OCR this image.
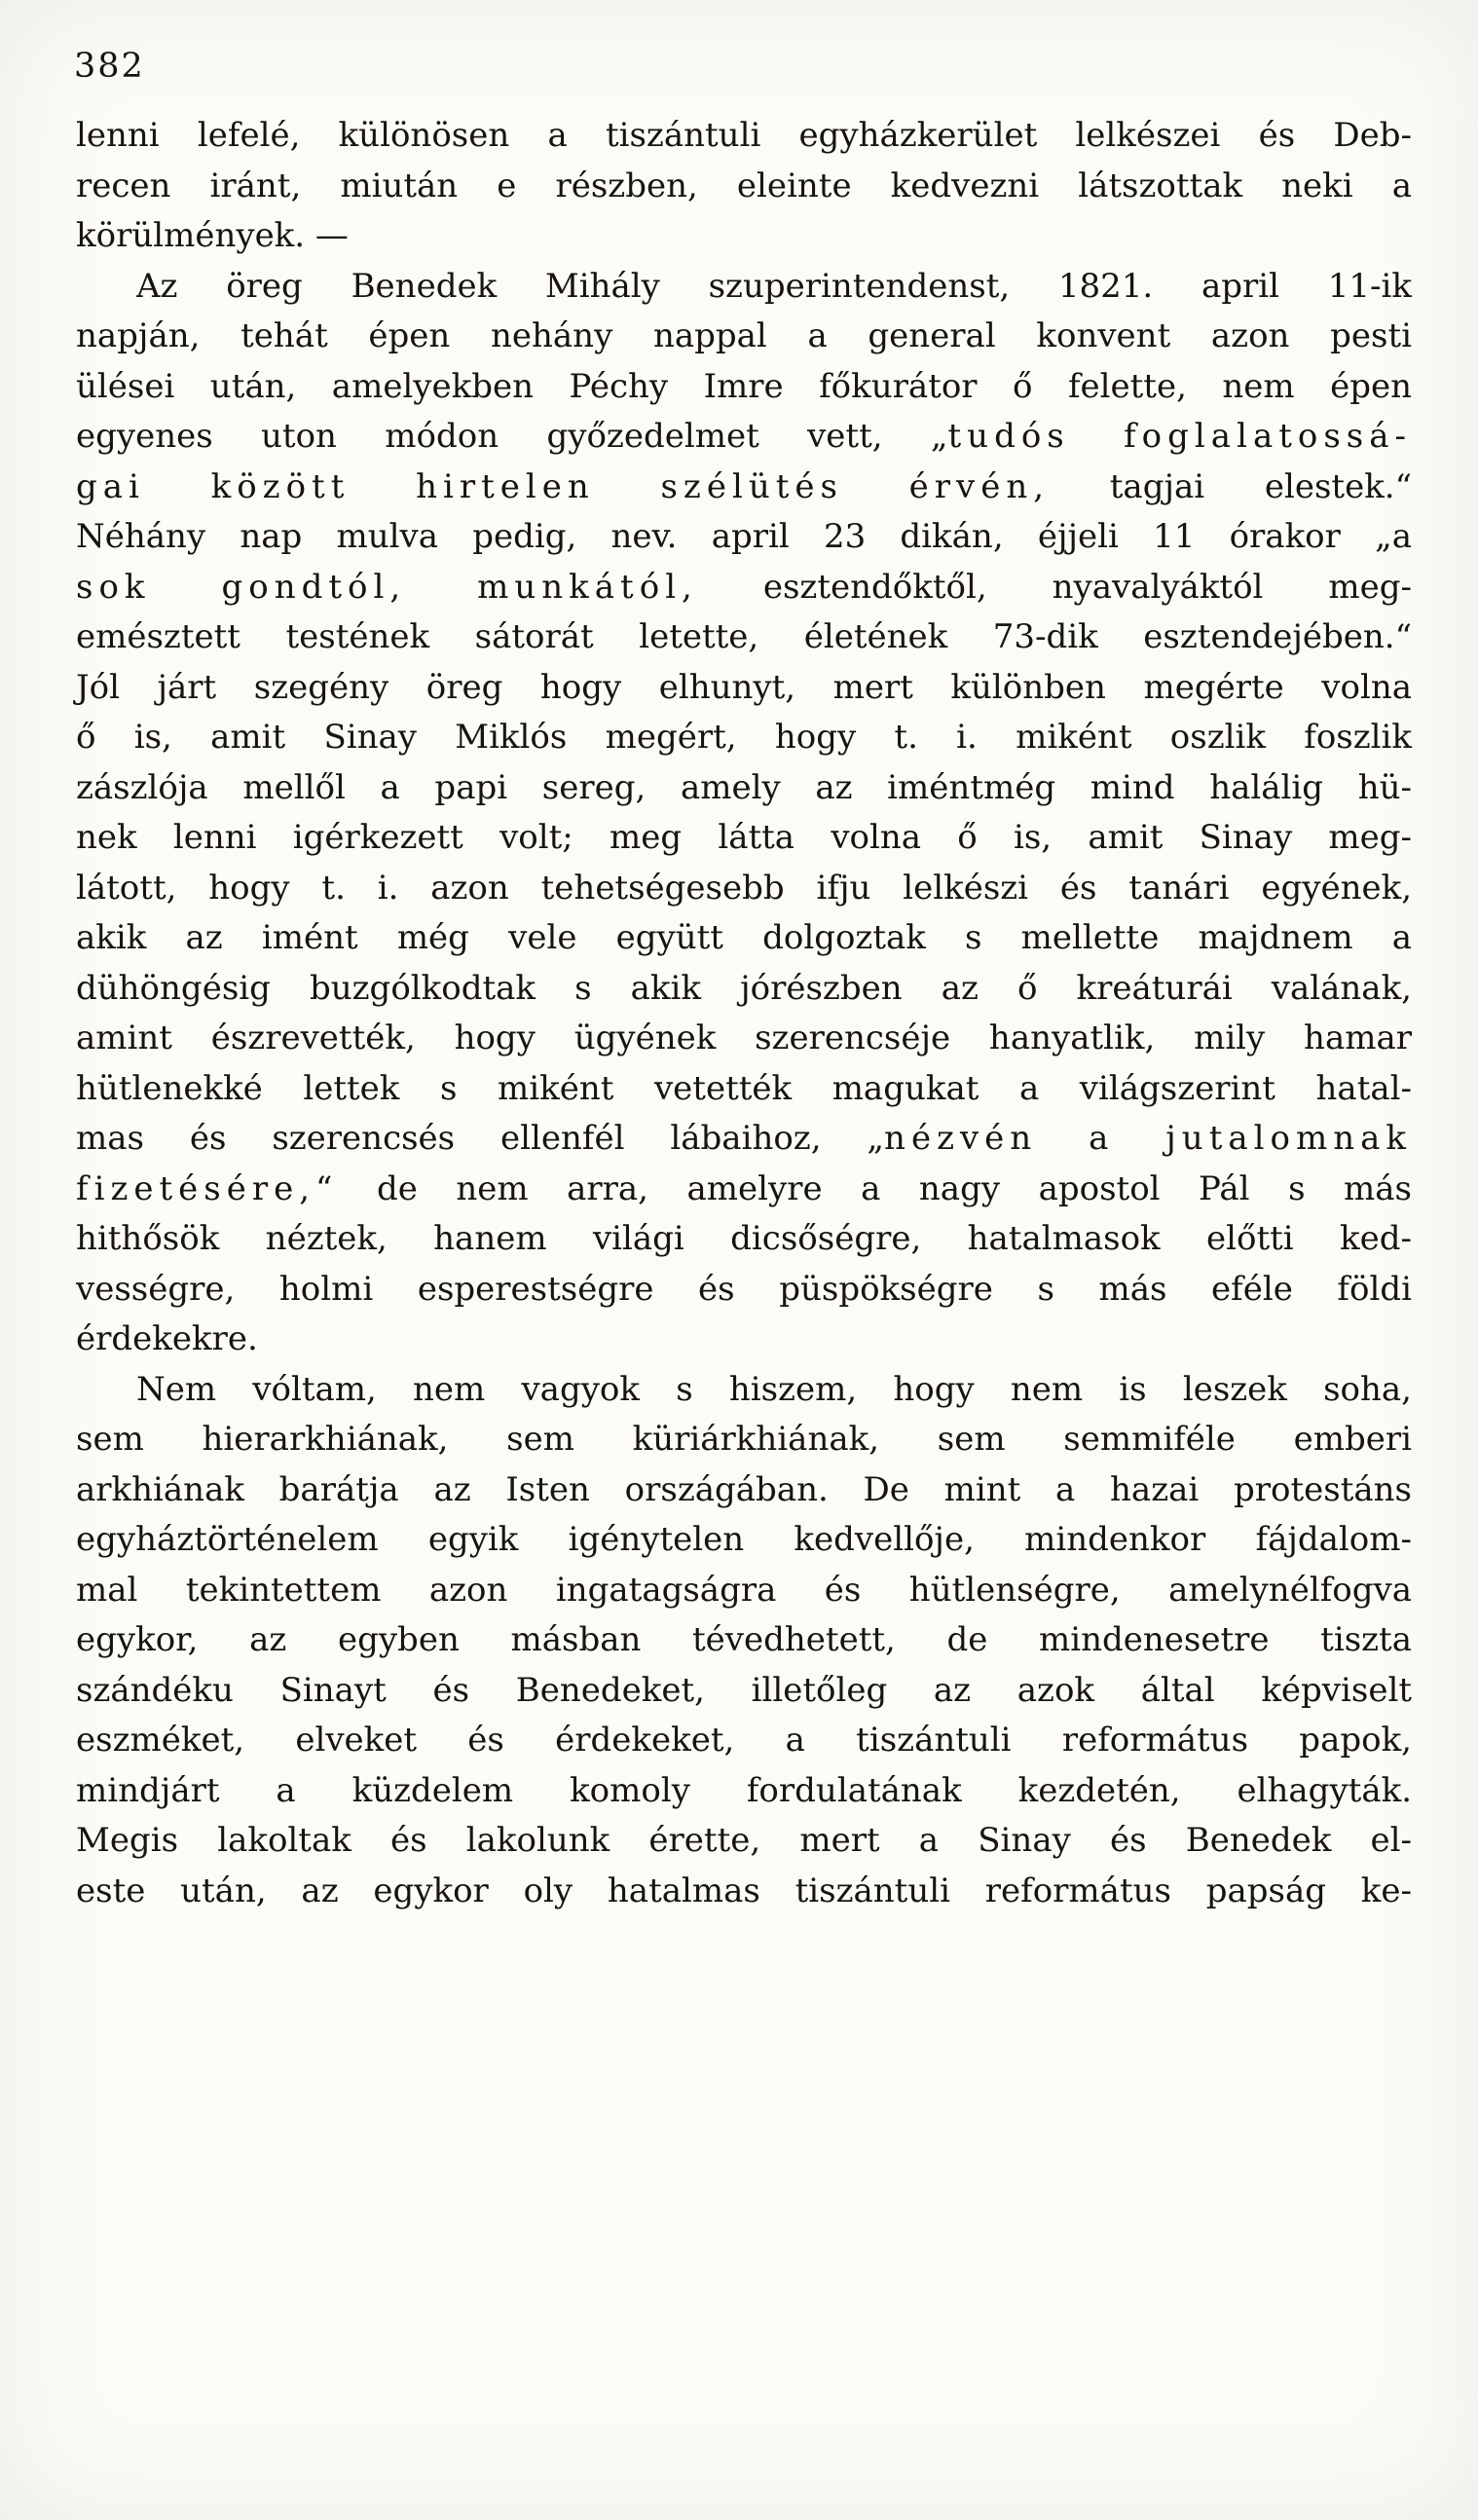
382
lenni lefelé, különösen a tiszántuli egyházkerület lelkészei és Deb-
recen iránt, miután e részben, eleinte kedvezni látszottak neki a
körülmények. —
Az öreg Benedek Mihály szuperintendenst, 1821. april 11-ik
napján, tehát épen nehány nappal a general konvent azon pesti
ülései után, amelyekben Péchy Imre főkurátor ő felette, nem épen
egyenes uton módon győzedelmet vett, „tudós foglalatossá-
gai között hirtelen szélütés érvén, tagjai elestek.“
Néhány nap mulva pedig, nev. april 23 dikán, éjjeli 11 órakor „a
sok gondtól, munkától, esztendőktől, nyavalyáktól meg-
emésztett testének sátorát letette, életének 73-dik esztendejében.“
Jól járt szegény öreg hogy elhunyt, mert különben megérte volna
ő is, amit Sinay Miklós megért, hogy t. i. miként oszlik foszlik
zászlója mellől a papi sereg, amely az iméntmég mind halálig hü-
nek lenni igérkezett volt; meg látta volna ő is, amit Sinay meg-
látott, hogy t. i. azon tehetségesebb ifju lelkészi és tanári egyének,
akik az imént még vele együtt dolgoztak s mellette majdnem a
dühöngésig buzgólkodtak s akik jórészben az ő kreáturái valának,
amint észrevették, hogy ügyének szerencséje hanyatlik, mily hamar
hütlenekké lettek s miként vetették magukat a világszerint hatal-
mas és szerencsés ellenfél lábaihoz, „nézvén a jutalomnak
fizetésére,“ de nem arra, amelyre a nagy apostol Pál s más
hithősök néztek, hanem világi dicsőségre, hatalmasok előtti ked-
vességre, holmi esperestségre és püspökségre s más eféle földi
érdekekre.
Nem vóltam, nem vagyok s hiszem, hogy nem is leszek soha,
sem hierarkhiának, sem küriárkhiának, sem semmiféle emberi
arkhiának barátja az Isten országában. De mint a hazai protestáns
egyháztörténelem egyik igénytelen kedvellője, mindenkor fájdalom-
mal tekintettem azon ingatagságra és hütlenségre, amelynélfogva
egykor, az egyben másban tévedhetett, de mindenesetre tiszta
szándéku Sinayt és Benedeket, illetőleg az azok által képviselt
eszméket, elveket és érdekeket, a tiszántuli református papok,
mindjárt a küzdelem komoly fordulatának kezdetén, elhagyták.
Megis lakoltak és lakolunk érette, mert a Sinay és Benedek el-
este után, az egykor oly hatalmas tiszántuli református papság ke-
